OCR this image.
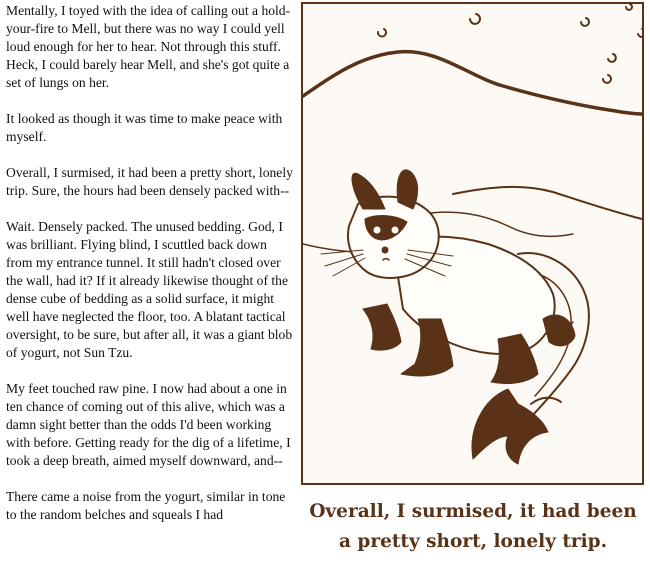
Mentally, I toyed with the idea of calling out a hold-your-fire to Mell, but there was no way I could yell loud enough for her to hear. Not through this stuff. Heck, I could barely hear Mell, and she's got quite a set of lungs on her.

It looked as though it was time to make peace with myself.

Overall, I surmised, it had been a pretty short, lonely trip. Sure, the hours had been densely packed with--

Wait. Densely packed. The unused bedding. God, I was brilliant. Flying blind, I scuttled back down from my entrance tunnel. It still hadn't closed over the wall, had it? If it already likewise thought of the dense cube of bedding as a solid surface, it might well have neglected the floor, too. A blatant tactical oversight, to be sure, but after all, it was a giant blob of yogurt, not Sun Tzu.

My feet touched raw pine. I now had about a one in ten chance of coming out of this alive, which was a damn sight better than the odds I'd been working with before. Getting ready for the dig of a lifetime, I took a deep breath, aimed myself downward, and--

There came a noise from the yogurt, similar in tone to the random belches and squeals I had	Overall, I surmised, it had been
a pretty short, lonely trip.
